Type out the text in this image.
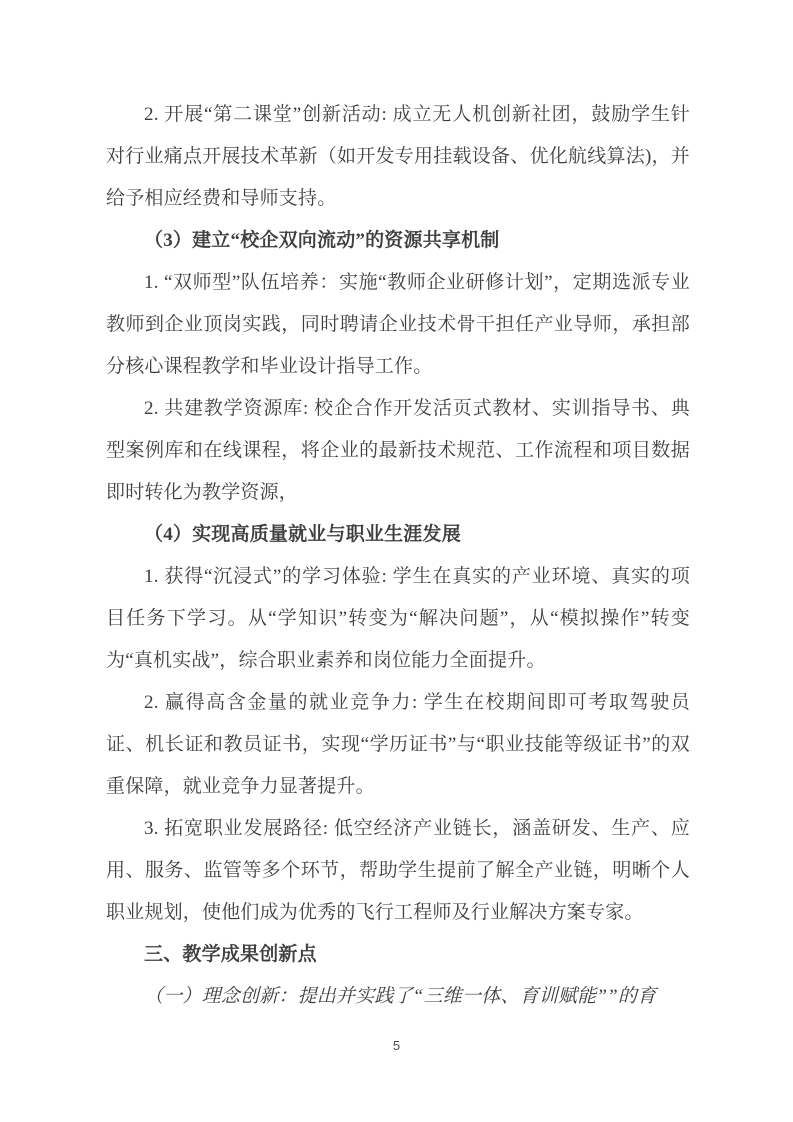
2. 开展“第二课堂”创新活动: 成立无人机创新社团，鼓励学生针对行业痛点开展技术革新（如开发专用挂载设备、优化航线算法)，并给予相应经费和导师支持。

（3）建立“校企双向流动”的资源共享机制

1. “双师型”队伍培养：实施“教师企业研修计划”，定期选派专业教师到企业顶岗实践，同时聘请企业技术骨干担任产业导师，承担部分核心课程教学和毕业设计指导工作。

2. 共建教学资源库: 校企合作开发活页式教材、实训指导书、典型案例库和在线课程，将企业的最新技术规范、工作流程和项目数据即时转化为教学资源，

（4）实现高质量就业与职业生涯发展

1. 获得“沉浸式”的学习体验: 学生在真实的产业环境、真实的项目任务下学习。从“学知识”转变为“解决问题”，从“模拟操作”转变为“真机实战”，综合职业素养和岗位能力全面提升。

2. 赢得高含金量的就业竞争力: 学生在校期间即可考取驾驶员证、机长证和教员证书，实现“学历证书”与“职业技能等级证书”的双重保障，就业竞争力显著提升。

3. 拓宽职业发展路径: 低空经济产业链长，涵盖研发、生产、应用、服务、监管等多个环节，帮助学生提前了解全产业链，明晰个人职业规划，使他们成为优秀的飞行工程师及行业解决方案专家。

三、教学成果创新点

（一）理念创新：提出并实践了“三维一体、育训赋能””的育

5
